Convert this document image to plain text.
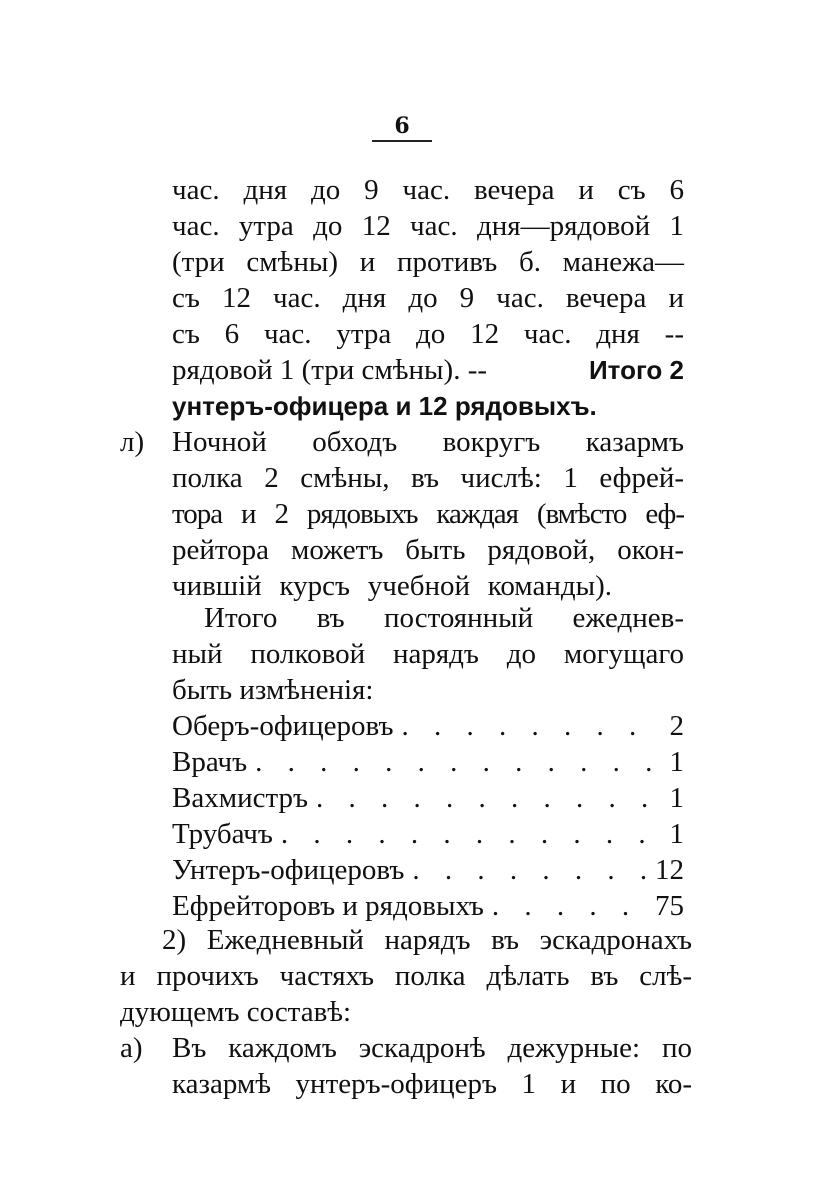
6
час. дня до 9 час. вечера и съ 6
час. утра до 12 час. дня—рядовой 1
(три смѣны) и противъ б. манежа—
съ 12 час. дня до 9 час. вечера и
съ 6 час. утра до 12 час. дня --
рядовой 1 (три смѣны). --	Итого 2
унтеръ-офицера и 12 рядовыхъ.
л) Ночной обходъ вокругъ казармъ
полка 2 смѣны, въ числѣ: 1 ефрей-
тора и 2 рядовыхъ каждая (вмѣсто еф-
рейтора можетъ быть рядовой, окон-
чившій курсъ учебной команды).
Итого въ постоянный ежеднев-
ный полковой нарядъ до могущаго
быть измѣненія:
Оберъ-офицеровъ . . .	2
Врачъ . . .	1
Вахмистръ . . .	1
Трубачъ . . .	1
Унтеръ-офицеровъ . . .	12
Ефрейторовъ и рядовыхъ . . .	75
2) Ежедневный нарядъ въ эскадронахъ
и прочихъ частяхъ полка дѣлать въ слѣ-
дующемъ составѣ:
а) Въ каждомъ эскадронѣ дежурные: по
казармѣ унтеръ-офицеръ 1 и по ко-
